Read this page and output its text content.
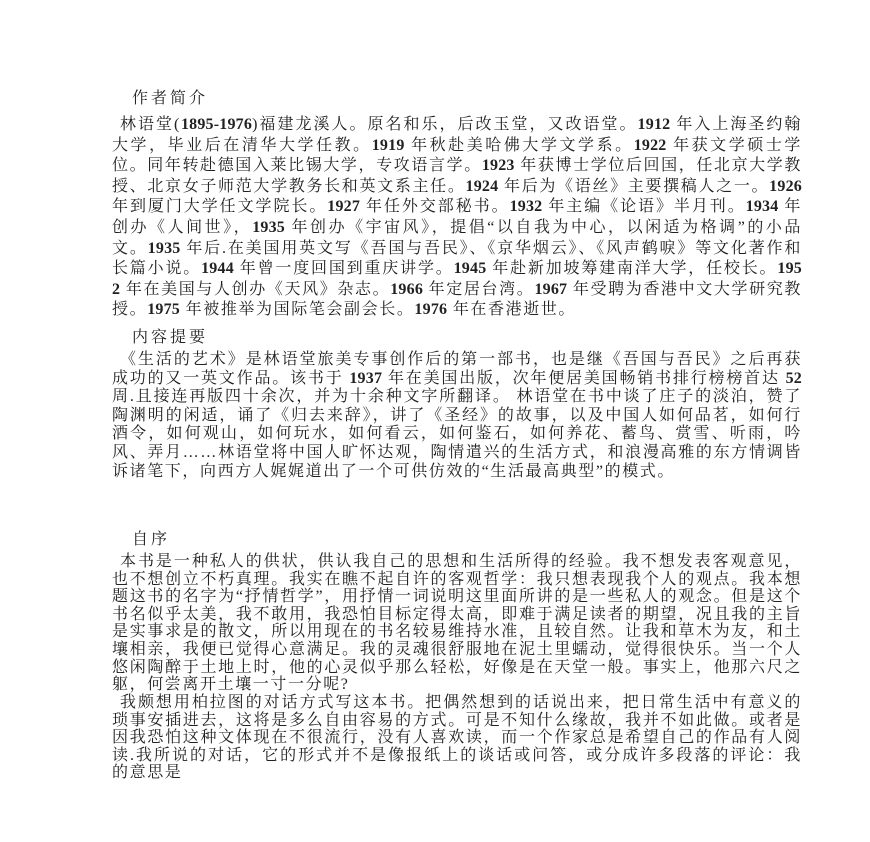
作者简介

林语堂(1895-1976)福建龙溪人。原名和乐，后改玉堂，又改语堂。1912 年入上海圣约翰大学，毕业后在清华大学任教。1919 年秋赴美哈佛大学文学系。1922 年获文学硕士学位。同年转赴德国入莱比锡大学，专攻语言学。1923 年获博士学位后回国，任北京大学教授、北京女子师范大学教务长和英文系主任。1924 年后为《语丝》主要撰稿人之一。1926 年到厦门大学任文学院长。1927 年任外交部秘书。1932 年主编《论语》半月刊。1934 年创办《人间世》，1935 年创办《宇宙风》，提倡“以自我为中心，以闲适为格调”的小品文。1935 年后.在美国用英文写《吾国与吾民》、《京华烟云》、《风声鹤唳》等文化著作和长篇小说。1944 年曾一度回国到重庆讲学。1945 年赴新加坡筹建南洋大学，任校长。1952 年在美国与人创办《天风》杂志。1966 年定居台湾。1967 年受聘为香港中文大学研究教授。1975 年被推举为国际笔会副会长。1976 年在香港逝世。

内容提要

《生活的艺术》是林语堂旅美专事创作后的第一部书，也是继《吾国与吾民》之后再获成功的又一英文作品。该书于 1937 年在美国出版，次年便居美国畅销书排行榜榜首达 52 周.且接连再版四十余次，并为十余种文字所翻译。 林语堂在书中谈了庄子的淡泊，赞了陶渊明的闲适，诵了《归去来辞》，讲了《圣经》的故事，以及中国人如何品茗，如何行酒令，如何观山，如何玩水，如何看云，如何鉴石，如何养花、蓄鸟、赏雪、听雨，吟风、弄月……林语堂将中国人旷怀达观，陶情遣兴的生活方式，和浪漫高雅的东方情调皆诉诸笔下，向西方人娓娓道出了一个可供仿效的“生活最高典型”的模式。

自序

本书是一种私人的供状，供认我自己的思想和生活所得的经验。我不想发表客观意见，也不想创立不朽真理。我实在瞧不起自许的客观哲学：我只想表现我个人的观点。我本想题这书的名字为“抒情哲学”，用抒情一词说明这里面所讲的是一些私人的观念。但是这个书名似乎太美，我不敢用，我恐怕目标定得太高，即难于满足读者的期望，况且我的主旨是实事求是的散文，所以用现在的书名较易维持水准，且较自然。让我和草木为友，和土壤相亲，我便已觉得心意满足。我的灵魂很舒服地在泥土里蠕动，觉得很快乐。当一个人悠闲陶醉于土地上时，他的心灵似乎那么轻松，好像是在天堂一般。事实上，他那六尺之躯，何尝离开土壤一寸一分呢?

我颇想用柏拉图的对话方式写这本书。把偶然想到的话说出来，把日常生活中有意义的琐事安插进去，这将是多么自由容易的方式。可是不知什么缘故，我并不如此做。或者是因我恐怕这种文体现在不很流行，没有人喜欢读，而一个作家总是希望自己的作品有人阅读.我所说的对话，它的形式并不是像报纸上的谈话或问答，或分成许多段落的评论：我的意思是
